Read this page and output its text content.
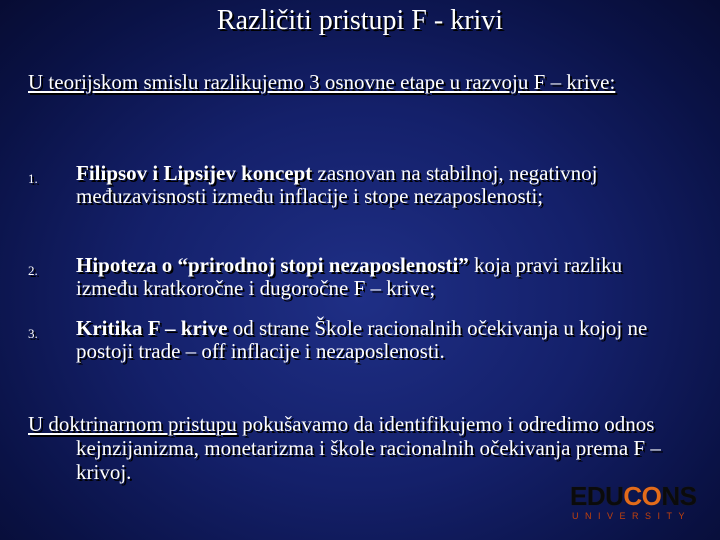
Različiti pristupi F - krivi
U teorijskom smislu razlikujemo 3 osnovne etape u razvoju F – krive:
1. Filipsov i Lipsijev koncept zasnovan na stabilnoj, negativnoj međuzavisnosti između inflacije i stope nezaposlenosti;
2. Hipoteza o “prirodnoj stopi nezaposlenosti” koja pravi razliku između kratkoročne i dugoročne F – krive;
3. Kritika F – krive od strane Škole racionalnih očekivanja u kojoj ne postoji trade – off inflacije i nezaposlenosti.
U doktrinarnom pristupu pokušavamo da identifikujemo i odredimo odnos kejnzijanizma, monetarizma i škole racionalnih očekivanja prema F – krivoj.
EDUCONS
UNIVERSITY
